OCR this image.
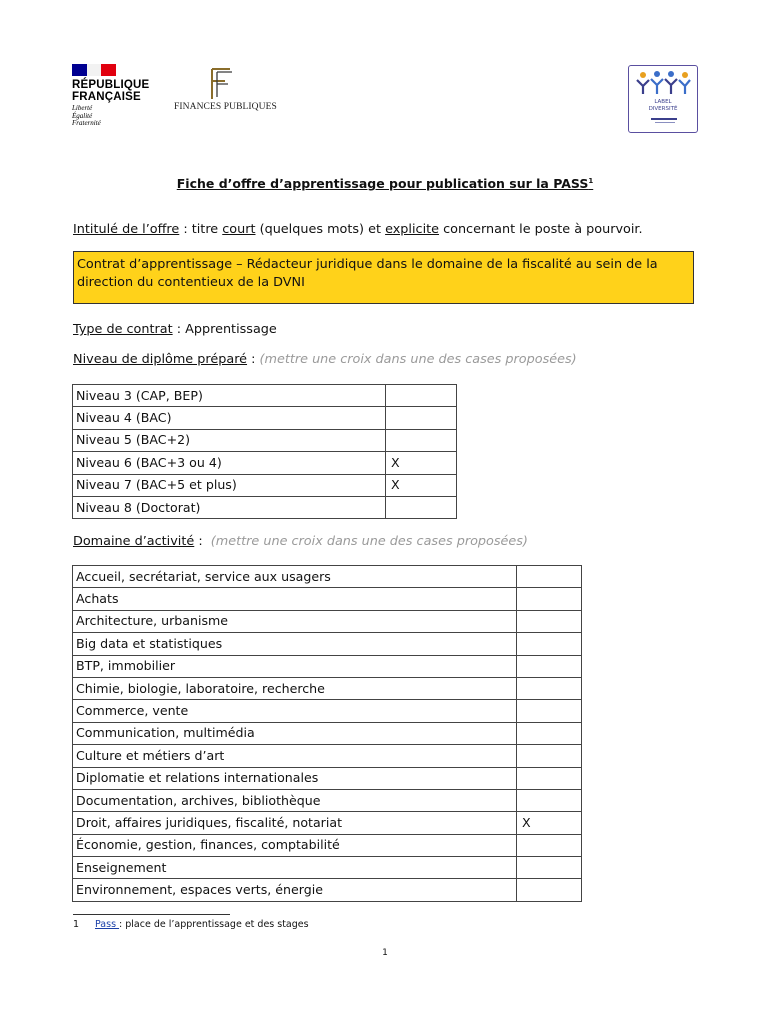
RÉPUBLIQUE
FRANÇAISE
Liberté
Égalité
Fraternité
FINANCES PUBLIQUES	LABEL
DIVERSITÉ
Fiche d’offre d’apprentissage pour publication sur la PASS$^1$
Intitulé de l’offre : titre court (quelques mots) et explicite concernant le poste à pourvoir.
Contrat d’apprentissage – Rédacteur juridique dans le domaine de la fiscalité au sein de la direction du contentieux de la DVNI
Type de contrat : Apprentissage
Niveau de diplôme préparé : (mettre une croix dans une des cases proposées)
Niveau 3 (CAP, BEP)	
Niveau 4 (BAC)	
Niveau 5 (BAC+2)	
Niveau 6 (BAC+3 ou 4)	X
Niveau 7 (BAC+5 et plus)	X
Niveau 8 (Doctorat)	
Domaine d’activité :  (mettre une croix dans une des cases proposées)
Accueil, secrétariat, service aux usagers	
Achats	
Architecture, urbanisme	
Big data et statistiques	
BTP, immobilier	
Chimie, biologie, laboratoire, recherche	
Commerce, vente	
Communication, multimédia	
Culture et métiers d’art	
Diplomatie et relations internationales	
Documentation, archives, bibliothèque	
Droit, affaires juridiques, fiscalité, notariat	X
Économie, gestion, finances, comptabilité	
Enseignement	
Environnement, espaces verts, énergie	
1 Pass : place de l’apprentissage et des stages
1
